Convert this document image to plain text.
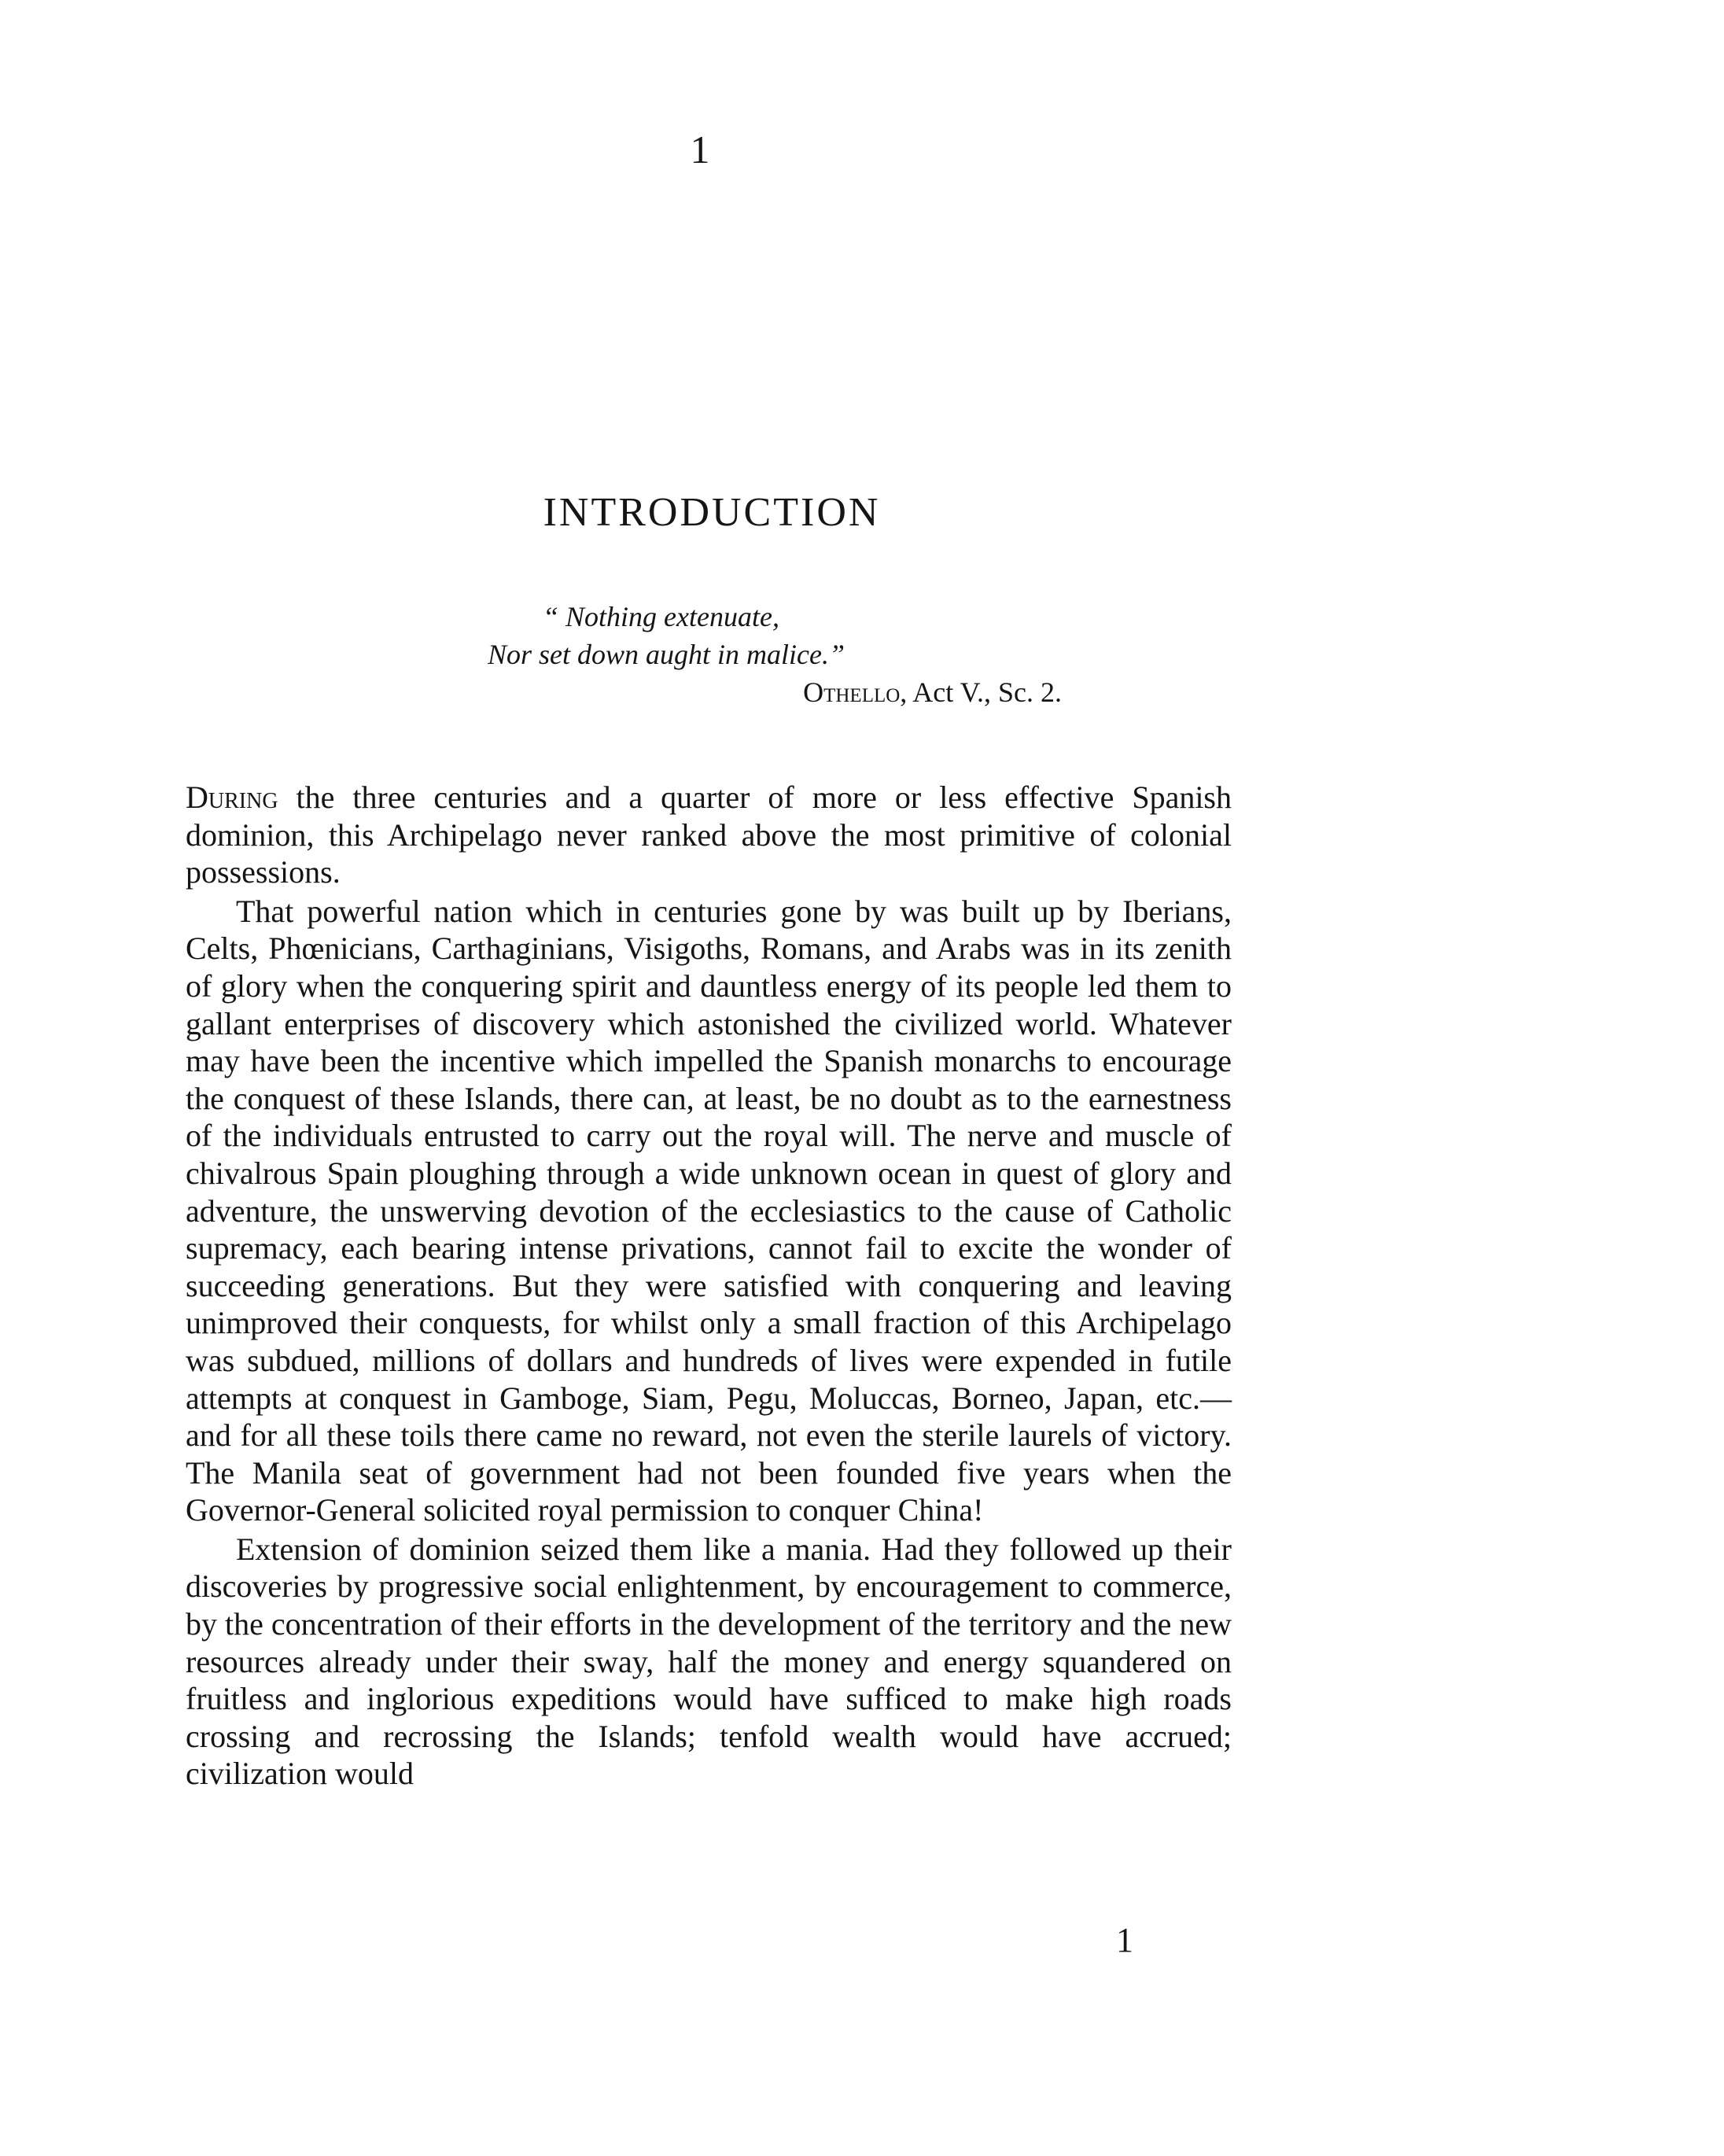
1
INTRODUCTION
“ Nothing extenuate,
Nor set down aught in malice.”
Othello, Act V., Sc. 2.

During the three centuries and a quarter of more or less effective Spanish dominion, this Archipelago never ranked above the most primitive of colonial possessions.

That powerful nation which in centuries gone by was built up by Iberians, Celts, Phœnicians, Carthaginians, Visigoths, Romans, and Arabs was in its zenith of glory when the conquering spirit and dauntless energy of its people led them to gallant enterprises of discovery which astonished the civilized world. Whatever may have been the incentive which impelled the Spanish monarchs to encourage the conquest of these Islands, there can, at least, be no doubt as to the earnestness of the individuals entrusted to carry out the royal will. The nerve and muscle of chivalrous Spain ploughing through a wide unknown ocean in quest of glory and adventure, the unswerving devotion of the ecclesiastics to the cause of Catholic supremacy, each bearing intense privations, cannot fail to excite the wonder of succeeding generations. But they were satisfied with conquering and leaving unimproved their conquests, for whilst only a small fraction of this Archipelago was subdued, millions of dollars and hundreds of lives were expended in futile attempts at conquest in Gamboge, Siam, Pegu, Moluccas, Borneo, Japan, etc.—and for all these toils there came no reward, not even the sterile laurels of victory. The Manila seat of government had not been founded five years when the Governor-General solicited royal permission to conquer China!

Extension of dominion seized them like a mania. Had they followed up their discoveries by progressive social enlightenment, by encouragement to commerce, by the concentration of their efforts in the development of the territory and the new resources already under their sway, half the money and energy squandered on fruitless and inglorious expeditions would have sufficed to make high roads crossing and recrossing the Islands; tenfold wealth would have accrued; civilization would

1
